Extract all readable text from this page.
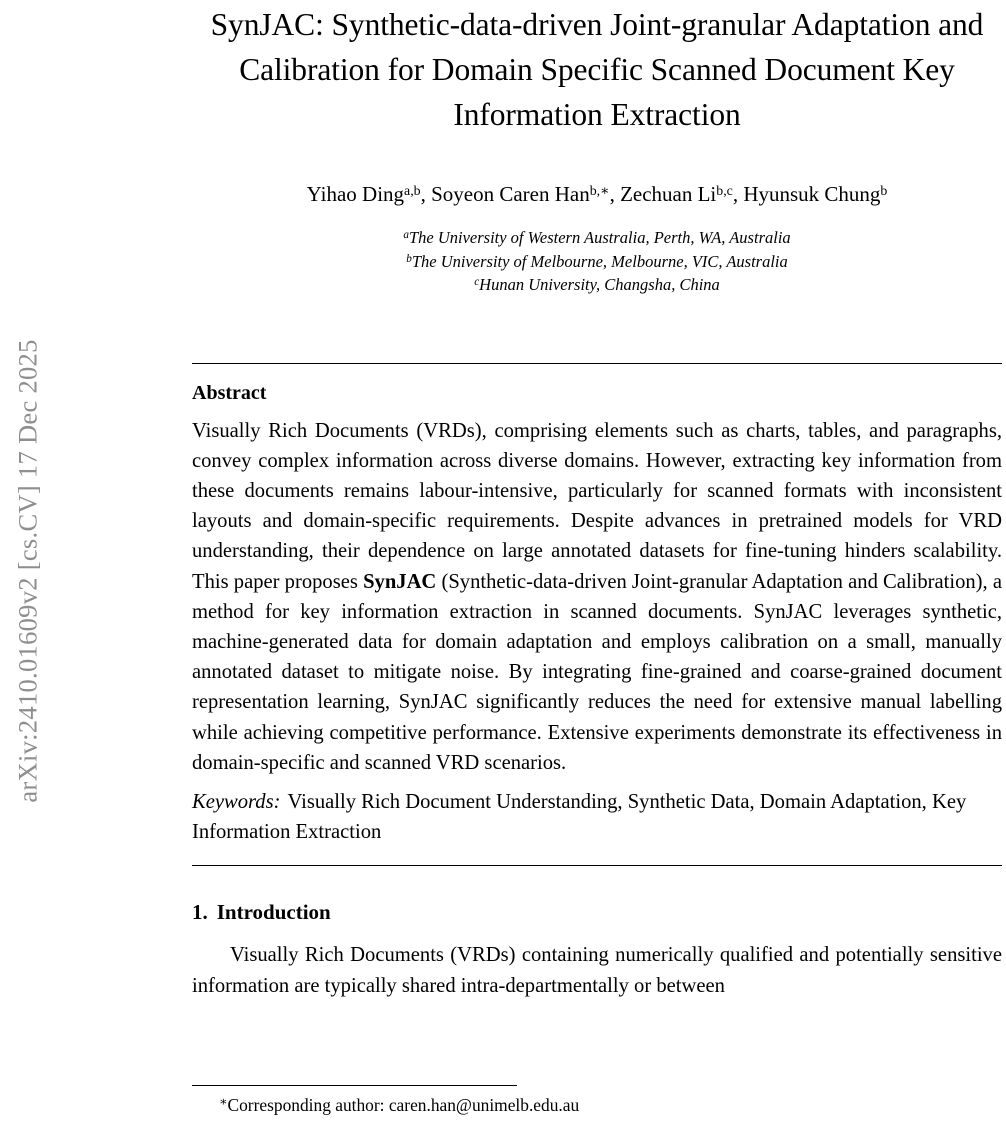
arXiv:2410.01609v2 [cs.CV] 17 Dec 2025
SynJAC: Synthetic-data-driven Joint-granular Adaptation and Calibration for Domain Specific Scanned Document Key Information Extraction
Yihao Ding$^{a,b}$, Soyeon Caren Han$^{b,∗}$, Zechuan Li$^{b,c}$, Hyunsuk Chung$^b$
$^a$The University of Western Australia, Perth, WA, Australia
$^b$The University of Melbourne, Melbourne, VIC, Australia
$^c$Hunan University, Changsha, China
Abstract

Visually Rich Documents (VRDs), comprising elements such as charts, tables, and paragraphs, convey complex information across diverse domains. However, extracting key information from these documents remains labour-intensive, particularly for scanned formats with inconsistent layouts and domain-specific requirements. Despite advances in pretrained models for VRD understanding, their dependence on large annotated datasets for fine-tuning hinders scalability. This paper proposes SynJAC (Synthetic-data-driven Joint-granular Adaptation and Calibration), a method for key information extraction in scanned documents. SynJAC leverages synthetic, machine-generated data for domain adaptation and employs calibration on a small, manually annotated dataset to mitigate noise. By integrating fine-grained and coarse-grained document representation learning, SynJAC significantly reduces the need for extensive manual labelling while achieving competitive performance. Extensive experiments demonstrate its effectiveness in domain-specific and scanned VRD scenarios.

Keywords: Visually Rich Document Understanding, Synthetic Data, Domain Adaptation, Key Information Extraction

1. Introduction

Visually Rich Documents (VRDs) containing numerically qualified and potentially sensitive information are typically shared intra-departmentally or between

∗Corresponding author: caren.han@unimelb.edu.au
